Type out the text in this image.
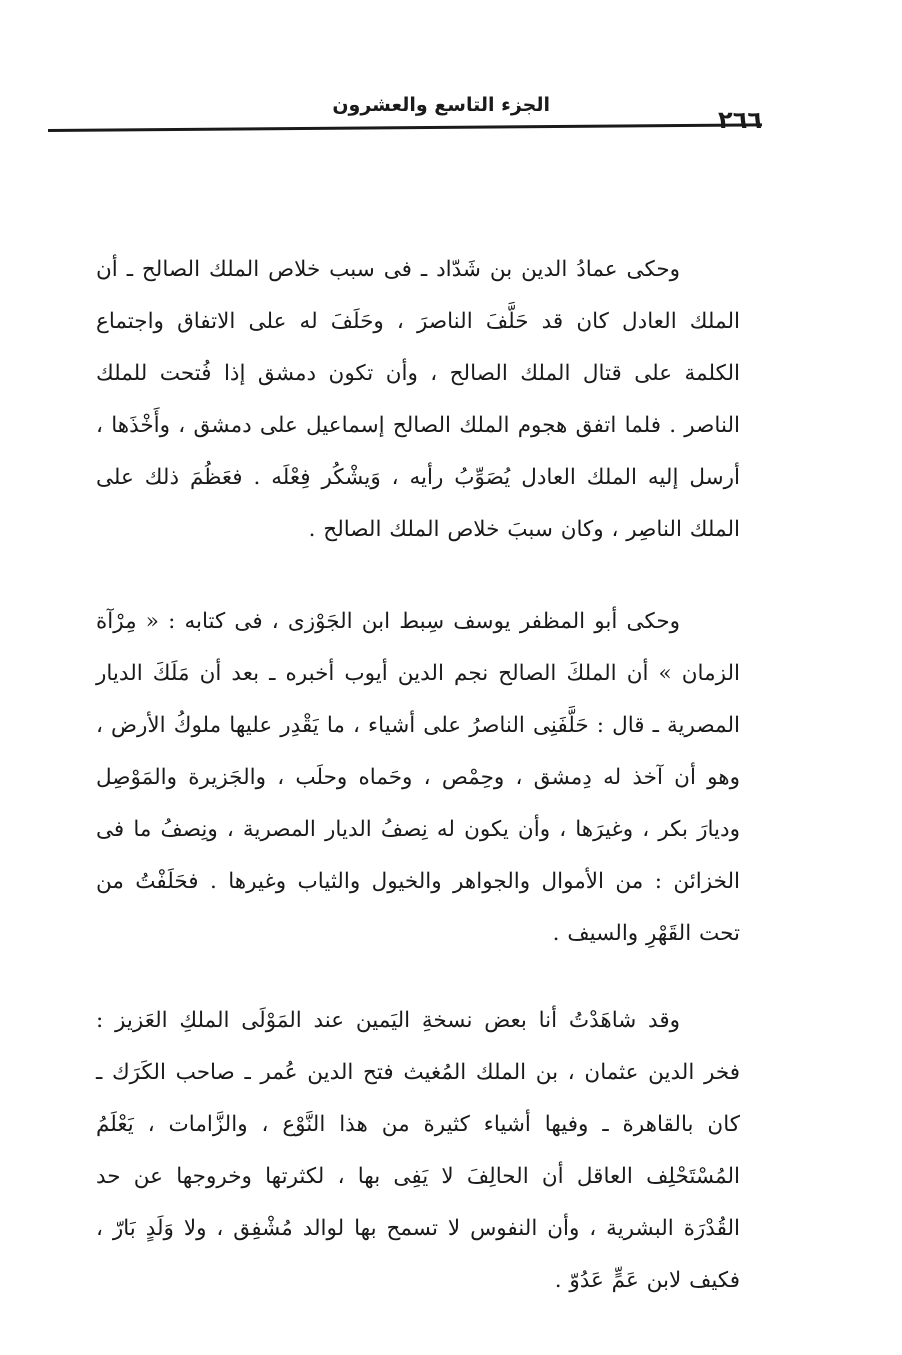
٢٦٦
الجزء التاسع والعشرون

وحكى عمادُ الدين بن شَدّاد ـ فى سبب خلاص الملك الصالح ـ أن الملك العادل كان قد حَلَّفَ الناصرَ ، وحَلَفَ له على الاتفاق واجتماع الكلمة على قتال الملك الصالح ، وأن تكون دمشق إذا فُتحت للملك الناصر . فلما اتفق هجوم الملك الصالح إسماعيل على دمشق ، وأَخْذَها ، أرسل إليه الملك العادل يُصَوِّبُ رأيه ، وَيشْكُر فِعْلَه . فعَظُمَ ذلك على الملك الناصِر ، وكان سببَ خلاص الملك الصالح .

وحكى أبو المظفر يوسف سِبط ابن الجَوْزى ، فى كتابه : « مِرْآة الزمان » أن الملكَ الصالح نجم الدين أيوب أخبره ـ بعد أن مَلَكَ الديار المصرية ـ قال : حَلَّفَنِى الناصرُ على أشياء ، ما يَقْدِر عليها ملوكُ الأرض ، وهو أن آخذ له دِمشق ، وحِمْص ، وحَماه وحلَب ، والجَزيرة والمَوْصِل وديارَ بكر ، وغيرَها ، وأن يكون له نِصفُ الديار المصرية ، ونِصفُ ما فى الخزائن : من الأموال والجواهر والخيول والثياب وغيرها . فحَلَفْتُ من تحت القَهْرِ والسيف .

وقد شاهَدْتُ أنا بعض نسخةِ اليَمين عند المَوْلَى الملكِ العَزيز : فخر الدين عثمان ، بن الملك المُغيث فتح الدين عُمر ـ صاحب الكَرَك ـ كان بالقاهرة ـ وفيها أشياء كثيرة من هذا النَّوْع ، والزَّامات ، يَعْلَمُ المُسْتَحْلِف العاقل أن الحالِفَ لا يَفِى بها ، لكثرتها وخروجها عن حد القُدْرَة البشرية ، وأن النفوس لا تسمح بها لوالد مُشْفِق ، ولا وَلَدٍ بَارّ ، فكيف لابن عَمٍّ عَدُوّ .
